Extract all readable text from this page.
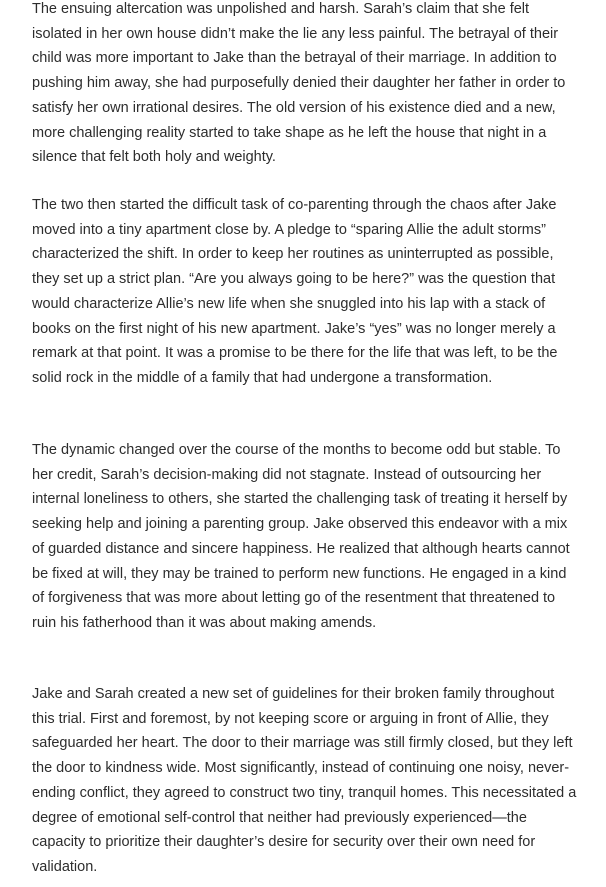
The ensuing altercation was unpolished and harsh. Sarah’s claim that she felt isolated in her own house didn’t make the lie any less painful. The betrayal of their child was more important to Jake than the betrayal of their marriage. In addition to pushing him away, she had purposefully denied their daughter her father in order to satisfy her own irrational desires. The old version of his existence died and a new, more challenging reality started to take shape as he left the house that night in a silence that felt both holy and weighty.

The two then started the difficult task of co-parenting through the chaos after Jake moved into a tiny apartment close by. A pledge to “sparing Allie the adult storms” characterized the shift. In order to keep her routines as uninterrupted as possible, they set up a strict plan. “Are you always going to be here?” was the question that would characterize Allie’s new life when she snuggled into his lap with a stack of books on the first night of his new apartment. Jake’s “yes” was no longer merely a remark at that point. It was a promise to be there for the life that was left, to be the solid rock in the middle of a family that had undergone a transformation.

The dynamic changed over the course of the months to become odd but stable. To her credit, Sarah’s decision-making did not stagnate. Instead of outsourcing her internal loneliness to others, she started the challenging task of treating it herself by seeking help and joining a parenting group. Jake observed this endeavor with a mix of guarded distance and sincere happiness. He realized that although hearts cannot be fixed at will, they may be trained to perform new functions. He engaged in a kind of forgiveness that was more about letting go of the resentment that threatened to ruin his fatherhood than it was about making amends.

Jake and Sarah created a new set of guidelines for their broken family throughout this trial. First and foremost, by not keeping score or arguing in front of Allie, they safeguarded her heart. The door to their marriage was still firmly closed, but they left the door to kindness wide. Most significantly, instead of continuing one noisy, never-ending conflict, they agreed to construct two tiny, tranquil homes. This necessitated a degree of emotional self-control that neither had previously experienced—the capacity to prioritize their daughter’s desire for security over their own need for validation.
